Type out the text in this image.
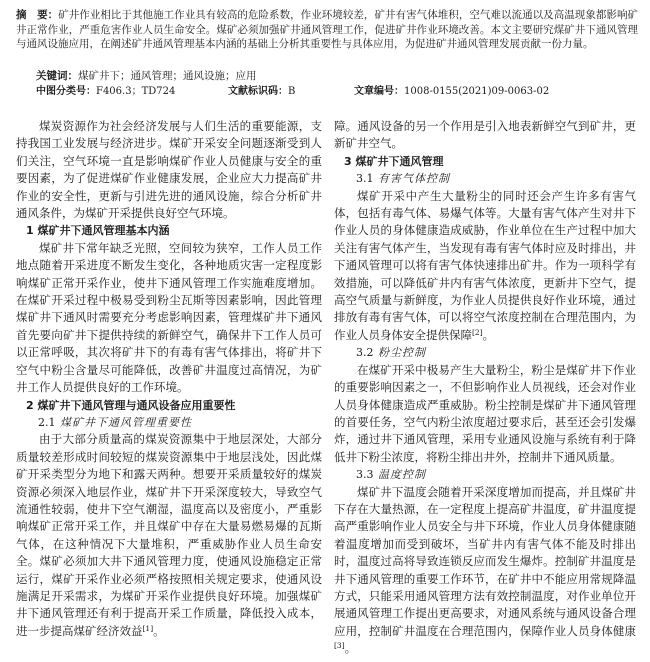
摘　要：矿井作业相比于其他施工作业具有较高的危险系数，作业环境较差，矿井有害气体堆积，空气难以流通以及高温现象都影响矿井正常作业，严重危害作业人员生命安全。煤矿必须加强矿井通风管理工作，促进矿井作业环境改善。本文主要研究煤矿井下通风管理与通风设施应用，在阐述矿井通风管理基本内涵的基础上分析其重要性与具体应用，为促进矿井通风管理发展贡献一份力量。
关键词：煤矿井下；通风管理；通风设施；应用
中图分类号： F406.3；TD724	文献标识码： B	文章编号： 1008-0155(2021)09-0063-02

煤炭资源作为社会经济发展与人们生活的重要能源，支持我国工业发展与经济进步。煤矿开采安全问题逐渐受到人们关注，空气环境一直是影响煤矿作业人员健康与安全的重要因素，为了促进煤矿作业健康发展，企业应大力提高矿井作业的安全性，更新与引进先进的通风设施，综合分析矿井通风条件，为煤矿开采提供良好空气环境。

1 煤矿井下通风管理基本内涵

煤矿井下常年缺乏光照，空间较为狭窄，工作人员工作地点随着开采进度不断发生变化，各种地质灾害一定程度影响煤矿正常开采作业，使井下通风管理工作实施难度增加。在煤矿开采过程中极易受到粉尘瓦斯等因素影响，因此管理煤矿井下通风时需要充分考虑影响因素，管理煤矿井下通风首先要向矿井下提供持续的新鲜空气，确保井下工作人员可以正常呼吸，其次将矿井下的有毒有害气体排出，将矿井下空气中粉尘含量尽可能降低，改善矿井温度过高情况，为矿井工作人员提供良好的工作环境。

2 煤矿井下通风管理与通风设备应用重要性
2.1 煤矿井下通风管理重要性

由于大部分质量高的煤炭资源集中于地层深处，大部分质量较差形成时间较短的煤炭资源集中于地层浅处，因此煤矿开采类型分为地下和露天两种。想要开采质量较好的煤炭资源必须深入地层作业，煤矿井下开采深度较大，导致空气流通性较弱，使井下空气潮湿，温度高以及密度小，严重影响煤矿正常开采工作，并且煤矿中存在大量易燃易爆的瓦斯气体，在这种情况下大量堆积，严重威胁作业人员生命安全。煤矿必须加大井下通风管理力度，使通风设施稳定正常运行，煤矿开采作业必须严格按照相关规定要求，使通风设施满足开采需求，为煤矿开采作业提供良好环境。加强煤矿井下通风管理还有利于提高开采工作质量，降低投入成本，进一步提高煤矿经济效益[1]。

障。通风设备的另一个作用是引入地表新鲜空气到矿井，更新矿井空气。

3 煤矿井下通风管理
3.1 有害气体控制

煤矿开采中产生大量粉尘的同时还会产生许多有害气体，包括有毒气体、易爆气体等。大量有害气体产生对井下作业人员的身体健康造成威胁，作业单位在生产过程中加大关注有害气体产生，当发现有毒有害气体时应及时排出，井下通风管理可以将有害气体快速排出矿井。作为一项科学有效措施，可以降低矿井内有害气体浓度，更新井下空气，提高空气质量与新鲜度，为作业人员提供良好作业环境，通过排放有毒有害气体，可以将空气浓度控制在合理范围内，为作业人员身体安全提供保障[2]。

3.2 粉尘控制

在煤矿开采中极易产生大量粉尘，粉尘是煤矿井下作业的重要影响因素之一，不但影响作业人员视线，还会对作业人员身体健康造成严重威胁。粉尘控制是煤矿井下通风管理的首要任务，空气内粉尘浓度超过要求后，甚至还会引发爆炸，通过井下通风管理，采用专业通风设施与系统有利于降低井下粉尘浓度，将粉尘排出井外，控制井下通风质量。

3.3 温度控制

煤矿井下温度会随着开采深度增加而提高，并且煤矿井下存在大量热源，在一定程度上提高矿井温度，矿井温度提高严重影响作业人员安全与井下环境，作业人员身体健康随着温度增加而受到破坏，当矿井内有害气体不能及时排出时，温度过高将导致连锁反应而发生爆炸。控制矿井温度是井下通风管理的重要工作环节，在矿井中不能应用常规降温方式，只能采用通风管理方法有效控制温度，对作业单位开展通风管理工作提出更高要求，对通风系统与通风设备合理应用，控制矿井温度在合理范围内，保障作业人员身体健康[3]。
